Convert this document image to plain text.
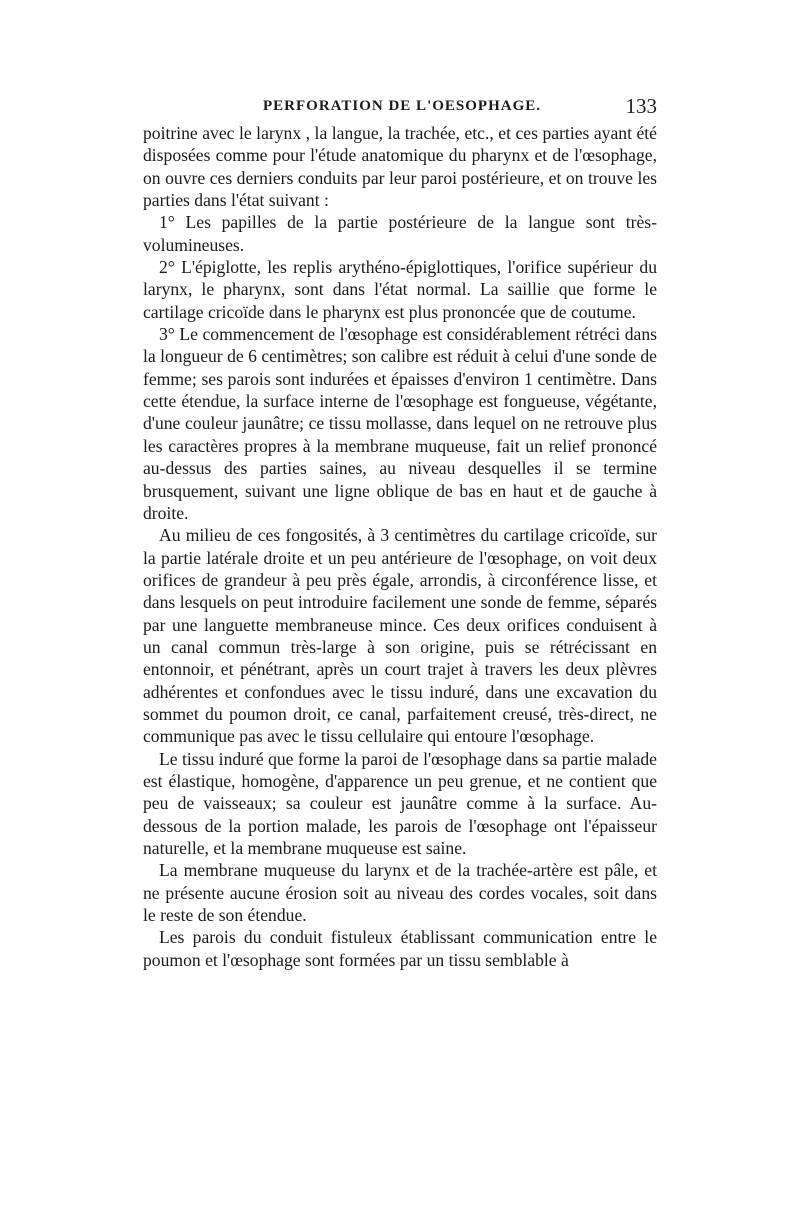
PERFORATION DE L'OESOPHAGE.	133

poitrine avec le larynx , la langue, la trachée, etc., et ces parties ayant été disposées comme pour l'étude anatomique du pharynx et de l'œsophage, on ouvre ces derniers conduits par leur paroi postérieure, et on trouve les parties dans l'état suivant :

1° Les papilles de la partie postérieure de la langue sont très-volumineuses.

2° L'épiglotte, les replis arythéno-épiglottiques, l'orifice supérieur du larynx, le pharynx, sont dans l'état normal. La saillie que forme le cartilage cricoïde dans le pharynx est plus prononcée que de coutume.

3° Le commencement de l'œsophage est considérablement rétréci dans la longueur de 6 centimètres; son calibre est réduit à celui d'une sonde de femme; ses parois sont indurées et épaisses d'environ 1 centimètre. Dans cette étendue, la surface interne de l'œsophage est fongueuse, végétante, d'une couleur jaunâtre; ce tissu mollasse, dans lequel on ne retrouve plus les caractères propres à la membrane muqueuse, fait un relief prononcé au-dessus des parties saines, au niveau desquelles il se termine brusquement, suivant une ligne oblique de bas en haut et de gauche à droite.

Au milieu de ces fongosités, à 3 centimètres du cartilage cricoïde, sur la partie latérale droite et un peu antérieure de l'œsophage, on voit deux orifices de grandeur à peu près égale, arrondis, à circonférence lisse, et dans lesquels on peut introduire facilement une sonde de femme, séparés par une languette membraneuse mince. Ces deux orifices conduisent à un canal commun très-large à son origine, puis se rétrécissant en entonnoir, et pénétrant, après un court trajet à travers les deux plèvres adhérentes et confondues avec le tissu induré, dans une excavation du sommet du poumon droit, ce canal, parfaitement creusé, très-direct, ne communique pas avec le tissu cellulaire qui entoure l'œsophage.

Le tissu induré que forme la paroi de l'œsophage dans sa partie malade est élastique, homogène, d'apparence un peu grenue, et ne contient que peu de vaisseaux; sa couleur est jaunâtre comme à la surface. Au-dessous de la portion malade, les parois de l'œsophage ont l'épaisseur naturelle, et la membrane muqueuse est saine.

La membrane muqueuse du larynx et de la trachée-artère est pâle, et ne présente aucune érosion soit au niveau des cordes vocales, soit dans le reste de son étendue.

Les parois du conduit fistuleux établissant communication entre le poumon et l'œsophage sont formées par un tissu semblable à
